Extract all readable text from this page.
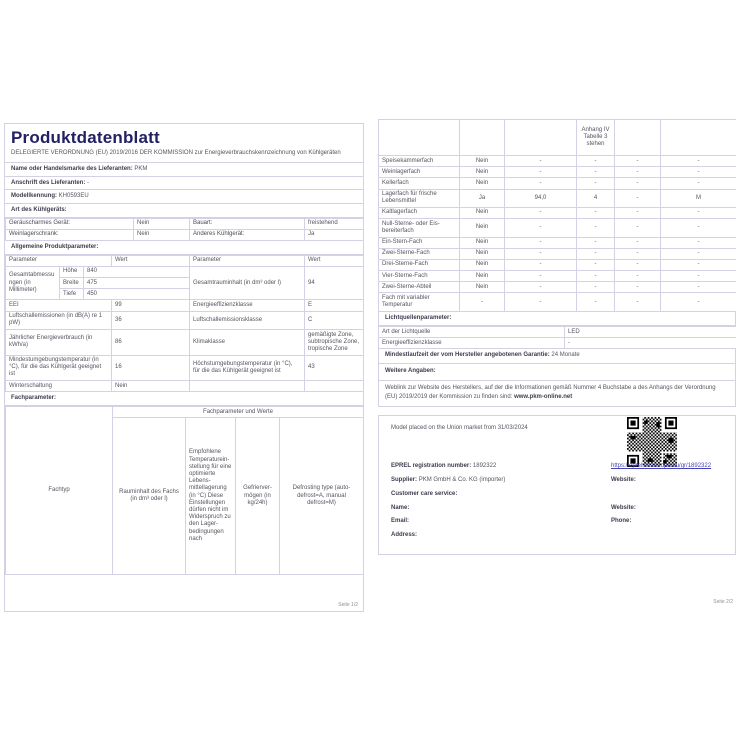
Produktdatenblatt

DELEGIERTE VERORDNUNG (EU) 2019/2016 DER KOMMISSION zur Energieverbrauchskennzeichnung von Kühlgeräten

Name oder Handelsmarke des Lieferanten: PKM
Anschrift des Lieferanten: -
Modellkennung: KH0593EU
Art des Kühlgeräts:
Geräuscharmes Gerät:	Nein	Bauart:	freistehend
Weinlagerschrank:	Nein	Anderes Kühlgerät:	Ja
Allgemeine Produktparameter:
Parameter			Wert	Parameter	Wert
Gesamtabmessungen (in Millimeter)	Höhe	840		Gesamtrauminhalt (in dm³ oder l)	94
	Breite	475			
	Tiefe	450			
EEI			99	Energieeffizienzklasse	E
Luftschallemissionen (in dB(A) re 1 pW)			36	Luftschallemissionsklasse	C
Jährlicher Energieverbrauch (in kWh/a)			86	Klimaklasse	gemäßigte Zone, subtropische Zone, tropische Zone
Mindestumgebungstemperatur (in °C), für die das Kühlgerät geeignet ist			16	Höchstumgebungstemperatur (in °C), für die das Kühlgerät geeignet ist	43
Winterschaltung			Nein		
Fachparameter:
Fachtyp	Fachparameter und Werte			
	Rauminhalt des Fachs (in dm³ oder l)	Empfohlene Temperatureinstellung für eine optimierte Lebensmittellagerung (in °C) Diese Einstellungen dürfen nicht im Widerspruch zu den Lagerbedingungen nach	Gefriervermögen (in kg/24h)	Defrosting type (auto-defrost=A, manual defrost=M)
Seite 1/2
			Anhang IV Tabelle 3 stehen		
Speisekammerfach	Nein	-	-	-	-
Weinlagerfach	Nein	-	-	-	-
Kellerfach	Nein	-	-	-	-
Lagerfach für frische Lebensmittel	Ja	94,0	4	-	M
Kaltlagerfach	Nein	-	-	-	-
Null-Sterne- oder Eisbereiterfach	Nein	-	-	-	-
Ein-Stern-Fach	Nein	-	-	-	-
Zwei-Sterne-Fach	Nein	-	-	-	-
Drei-Sterne-Fach	Nein	-	-	-	-
Vier-Sterne-Fach	Nein	-	-	-	-
Zwei-Sterne-Abteil	Nein	-	-	-	-
Fach mit variabler Temperatur	-	-	-	-	-
Lichtquellenparameter:
Art der Lichtquelle	LED
Energieeffizienzklasse	-
Mindestlaufzeit der vom Hersteller angebotenen Garantie: 24 Monate
Weitere Angaben:
Weblink zur Website des Herstellers, auf der die Informationen gemäß Nummer 4 Buchstabe a des Anhangs der Verordnung (EU) 2019/2019 der Kommission zu finden sind: www.pkm-online.net
Model placed on the Union market from 31/03/2024
EPREL registration number: 1892322	https://eprel.ec.europa.eu/qr/1892322
Supplier: PKM GmbH & Co. KG (importer)	Website:
Customer care service:
Name:	Website:
Email:	Phone:
Address:
Seite 2/2
